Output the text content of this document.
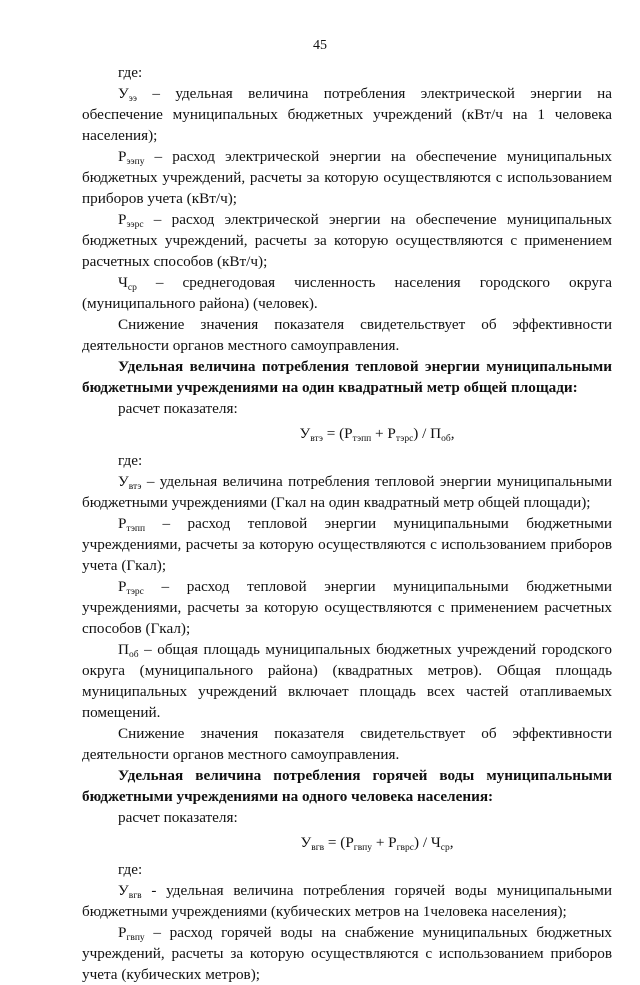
45

где:

$У_{ээ}$ – удельная величина потребления электрической энергии на обеспечение муниципальных бюджетных учреждений (кВт/ч на 1 человека населения);

$Р_{ээпу}$ – расход электрической энергии на обеспечение муниципальных бюджетных учреждений, расчеты за которую осуществляются с использованием приборов учета (кВт/ч);

$Р_{ээрс}$ – расход электрической энергии на обеспечение муниципальных бюджетных учреждений, расчеты за которую осуществляются с применением расчетных способов (кВт/ч);

$Ч_{ср}$ – среднегодовая численность населения городского округа (муниципального района) (человек).

Снижение значения показателя свидетельствует об эффективности деятельности органов местного самоуправления.

Удельная величина потребления тепловой энергии муниципальными бюджетными учреждениями на один квадратный метр общей площади:

расчет показателя:

$У_{втэ} = (Р_{тэпп} + Р_{тэрс}) / П_{об}$,

где:

$У_{втэ}$ – удельная величина потребления тепловой энергии муниципальными бюджетными учреждениями (Гкал на один квадратный метр общей площади);

$Р_{тэпп}$ – расход тепловой энергии муниципальными бюджетными учреждениями, расчеты за которую осуществляются с использованием приборов учета (Гкал);

$Р_{тэрс}$ – расход тепловой энергии муниципальными бюджетными учреждениями, расчеты за которую осуществляются с применением расчетных способов (Гкал);

$П_{об}$ – общая площадь муниципальных бюджетных учреждений городского округа (муниципального района) (квадратных метров). Общая площадь муниципальных учреждений включает площадь всех частей отапливаемых помещений.

Снижение значения показателя свидетельствует об эффективности деятельности органов местного самоуправления.

Удельная величина потребления горячей воды муниципальными бюджетными учреждениями на одного человека населения:

расчет показателя:

$У_{вгв} = (Р_{гвпу} + Р_{гврс}) / Ч_{ср}$,

где:

$У_{вгв}$ - удельная величина потребления горячей воды муниципальными бюджетными учреждениями (кубических метров на 1человека населения);

$Р_{гвпу}$ – расход горячей воды на снабжение муниципальных бюджетных учреждений, расчеты за которую осуществляются с использованием приборов учета (кубических метров);
